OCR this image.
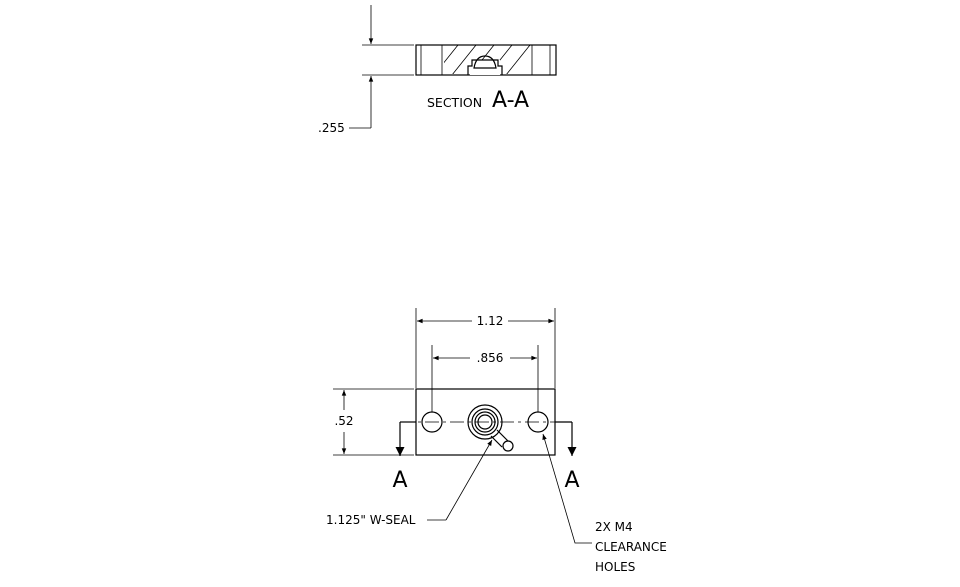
.255
SECTION A-A
1.12
.856
.52
A	A
1.125" W-SEAL	2X M4
CLEARANCE
HOLES
